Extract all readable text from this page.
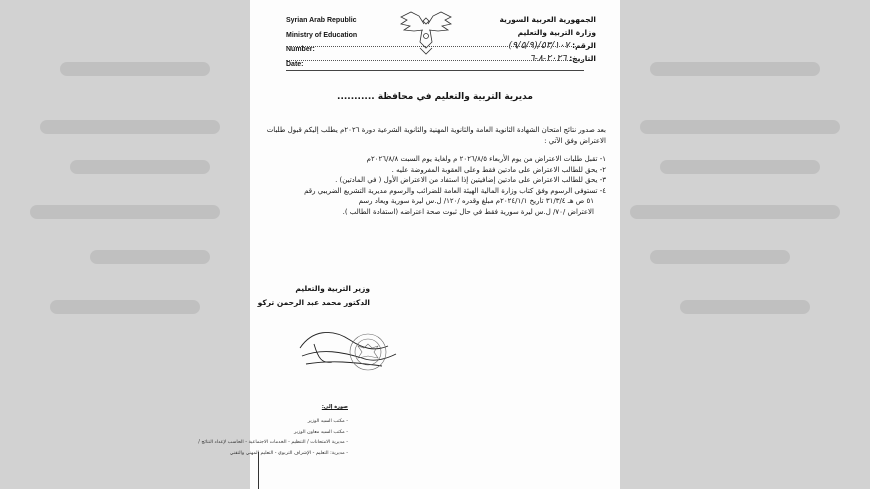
Syrian Arab Republic
Ministry of Education
Number:
Date:
الجمهورية العربية السورية
وزارة التربية والتعليم
الرقم: ٥٣/١٠٧/(٩/٥/٩)
التاريخ: ٢٠٢٦-٨-٦
مديرية التربية والتعليم في محافظة ...........
بعد صدور نتائج امتحان الشهادة الثانوية العامة والثانوية المهنية والثانوية الشرعية دورة ٢٠٢٦م يطلب إليكم قبول طلبات الاعتراض وفق الآتي :
١- تقبل طلبات الاعتراض من يوم الأربعاء ٢٠٢٦/٨/٥ م ولغاية يوم السبت ٢٠٢٦/٨/٨م
٢- يحق للطالب الاعتراض على مادتين فقط وعلى العقوبة المفروضة عليه .
٣- يحق للطالب الاعتراض على مادتين إضافيتين إذا استفاد من الاعتراض الأول ( في المادتين) .
٤- تستوفى الرسوم وفق كتاب وزارة المالية الهيئة العامة للضرائب والرسوم مديرية التشريع الضريبي رقم
٥١ ص هـ ٣١/٣/٤ تاريخ ٢٠٢٤/١/١م مبلغ وقدره /١٢٠/ ل.س ليرة سورية ويعاد رسم
الاعتراض /٧٠/ ل.س ليرة سورية فقط في حال ثبوت صحة اعتراضه (استفادة الطالب ).
وزير التربية والتعليم
الدكتور محمد عبد الرحمن تركو
صورة إلى:
- مكتب السيد الوزير
- مكتب السيد معاون الوزير
- مديرية الامتحانات / التنظيم - الخدمات الاجتماعية - الحاسب لإعداد النتائج /
- مديرية: التعليم - الإشراف التربوي - التعليم المهني والتقني
